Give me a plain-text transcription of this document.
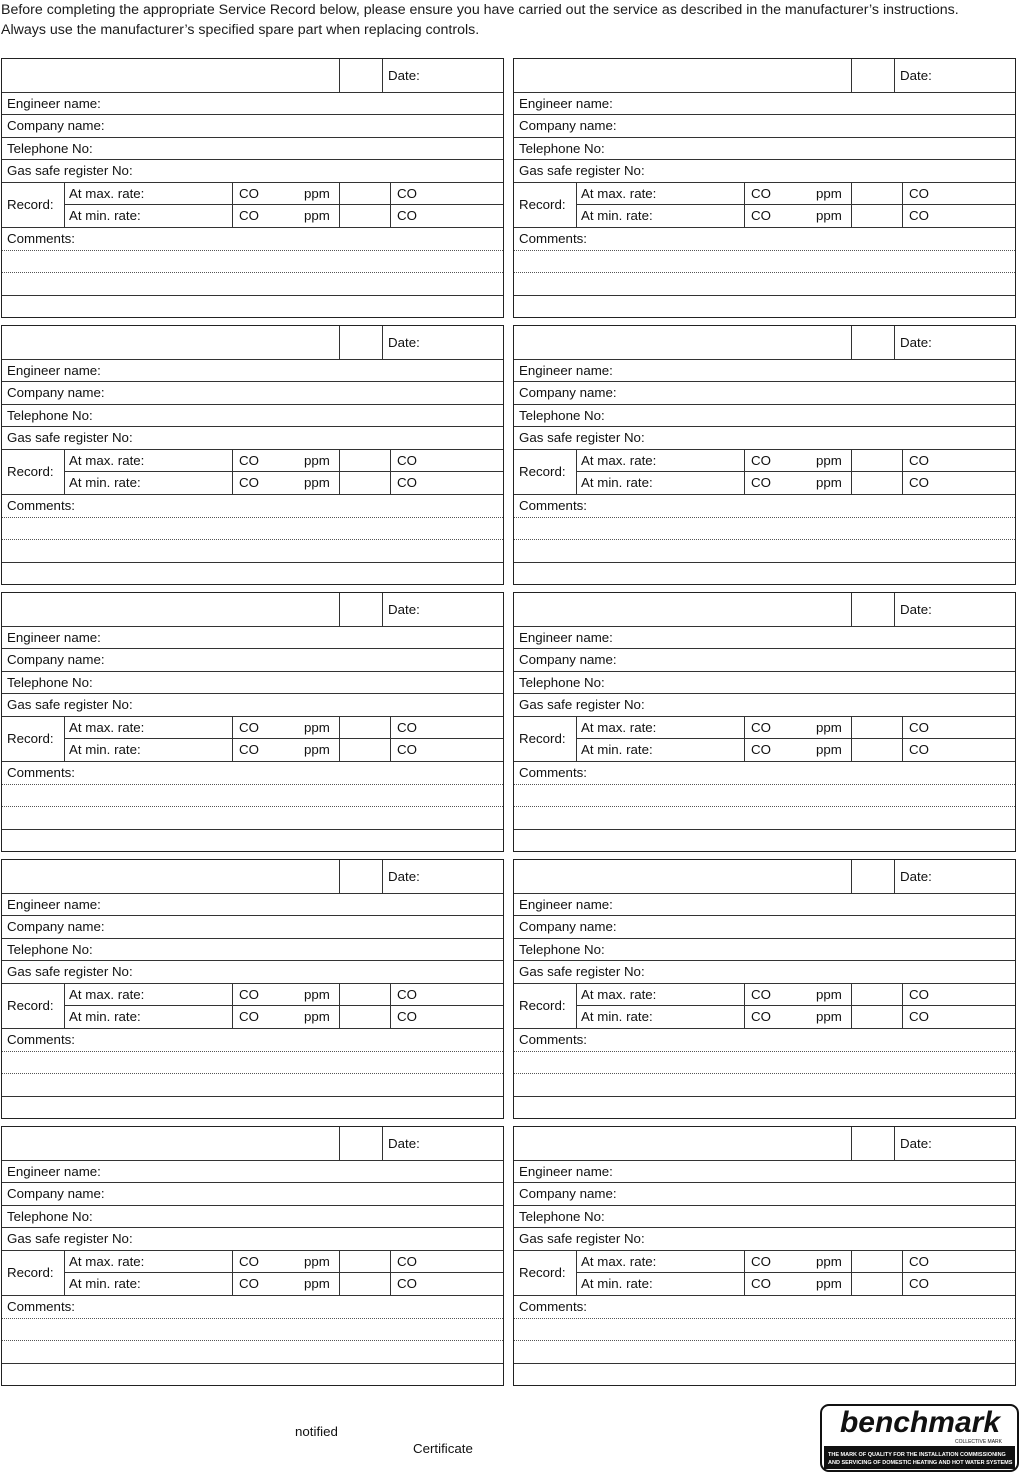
Before completing the appropriate Service Record below, please ensure you have carried out the service as described in the manufacturer’s instructions.
Always use the manufacturer’s specified spare part when replacing controls.
Date:
Engineer name:
Company name:
Telephone No:
Gas safe register No:
Record:
At max. rate:	CO	ppm	CO
At min. rate:	CO	ppm	CO
Comments:
Date:
Engineer name:
Company name:
Telephone No:
Gas safe register No:
Record:
At max. rate:	CO	ppm	CO
At min. rate:	CO	ppm	CO
Comments:
Date:
Engineer name:
Company name:
Telephone No:
Gas safe register No:
Record:
At max. rate:	CO	ppm	CO
At min. rate:	CO	ppm	CO
Comments:
Date:
Engineer name:
Company name:
Telephone No:
Gas safe register No:
Record:
At max. rate:	CO	ppm	CO
At min. rate:	CO	ppm	CO
Comments:
Date:
Engineer name:
Company name:
Telephone No:
Gas safe register No:
Record:
At max. rate:	CO	ppm	CO
At min. rate:	CO	ppm	CO
Comments:
Date:
Engineer name:
Company name:
Telephone No:
Gas safe register No:
Record:
At max. rate:	CO	ppm	CO
At min. rate:	CO	ppm	CO
Comments:
Date:
Engineer name:
Company name:
Telephone No:
Gas safe register No:
Record:
At max. rate:	CO	ppm	CO
At min. rate:	CO	ppm	CO
Comments:
Date:
Engineer name:
Company name:
Telephone No:
Gas safe register No:
Record:
At max. rate:	CO	ppm	CO
At min. rate:	CO	ppm	CO
Comments:
Date:
Engineer name:
Company name:
Telephone No:
Gas safe register No:
Record:
At max. rate:	CO	ppm	CO
At min. rate:	CO	ppm	CO
Comments:
Date:
Engineer name:
Company name:
Telephone No:
Gas safe register No:
Record:
At max. rate:	CO	ppm	CO
At min. rate:	CO	ppm	CO
Comments:
notified
Certificate
benchmark
COLLECTIVE MARK
THE MARK OF QUALITY FOR THE INSTALLATION COMMISSIONING
AND SERVICING OF DOMESTIC HEATING AND HOT WATER SYSTEMS
